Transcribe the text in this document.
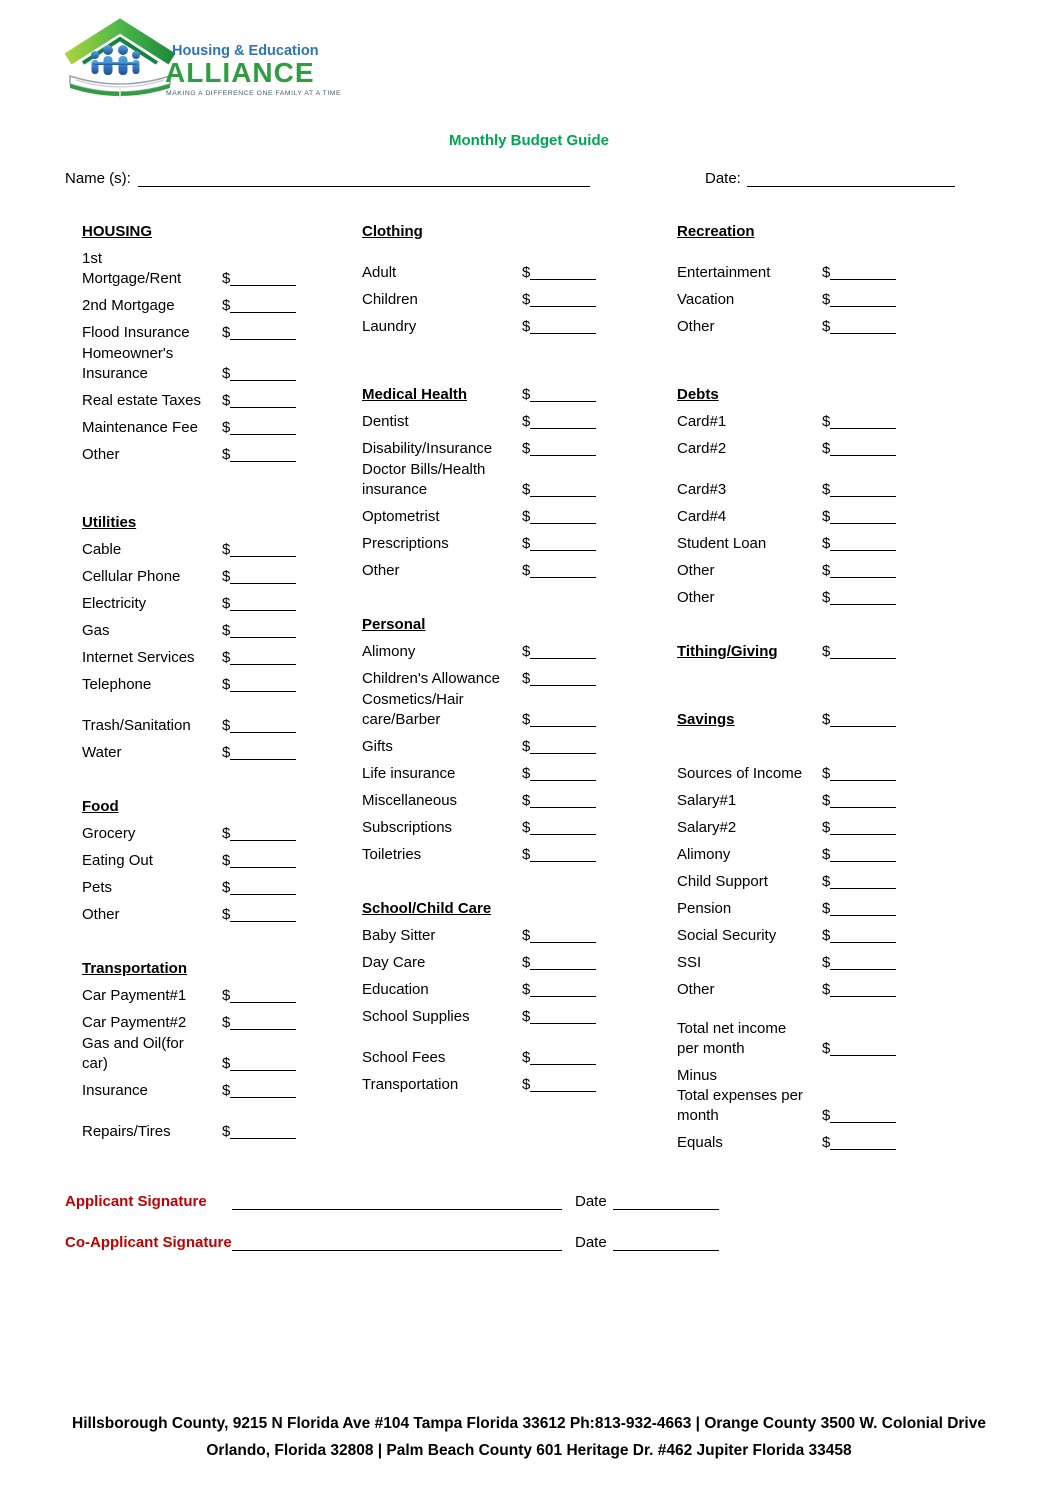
Housing & Education
ALLIANCE
MAKING A DIFFERENCE ONE FAMILY AT A TIME
Monthly Budget Guide
Name (s):	Date:
HOUSING
1st
Mortgage/Rent	$
2nd Mortgage	$
Flood Insurance	$
Homeowner's
Insurance	$
Real estate Taxes	$
Maintenance Fee	$
Other	$
Utilities
Cable	$
Cellular Phone	$
Electricity	$
Gas	$
Internet Services	$
Telephone	$
Trash/Sanitation	$
Water	$
Food
Grocery	$
Eating Out	$
Pets	$
Other	$
Transportation
Car Payment#1	$
Car Payment#2	$
Gas and Oil(for
car)	$
Insurance	$
Repairs/Tires	$
Clothing
Adult	$
Children	$
Laundry	$
Medical Health	$
Dentist	$
Disability/Insurance	$
Doctor Bills/Health
insurance	$
Optometrist	$
Prescriptions	$
Other	$
Personal
Alimony	$
Children's Allowance	$
Cosmetics/Hair
care/Barber	$
Gifts	$
Life insurance	$
Miscellaneous	$
Subscriptions	$
Toiletries	$
School/Child Care
Baby Sitter	$
Day Care	$
Education	$
School Supplies	$
School Fees	$
Transportation	$
Recreation
Entertainment	$
Vacation	$
Other	$
Debts
Card#1	$
Card#2	$
Card#3	$
Card#4	$
Student Loan	$
Other	$
Other	$
Tithing/Giving	$
Savings	$
Sources of Income	$
Salary#1	$
Salary#2	$
Alimony	$
Child Support	$
Pension	$
Social Security	$
SSI	$
Other	$
Total net income
per month	$
Minus
Total expenses per
month	$
Equals	$
Applicant Signature	Date
Co-Applicant Signature	Date
Hillsborough County, 9215 N Florida Ave #104 Tampa Florida 33612 Ph:813-932-4663 | Orange County 3500 W. Colonial Drive
Orlando, Florida 32808 | Palm Beach County 601 Heritage Dr. #462 Jupiter Florida 33458
